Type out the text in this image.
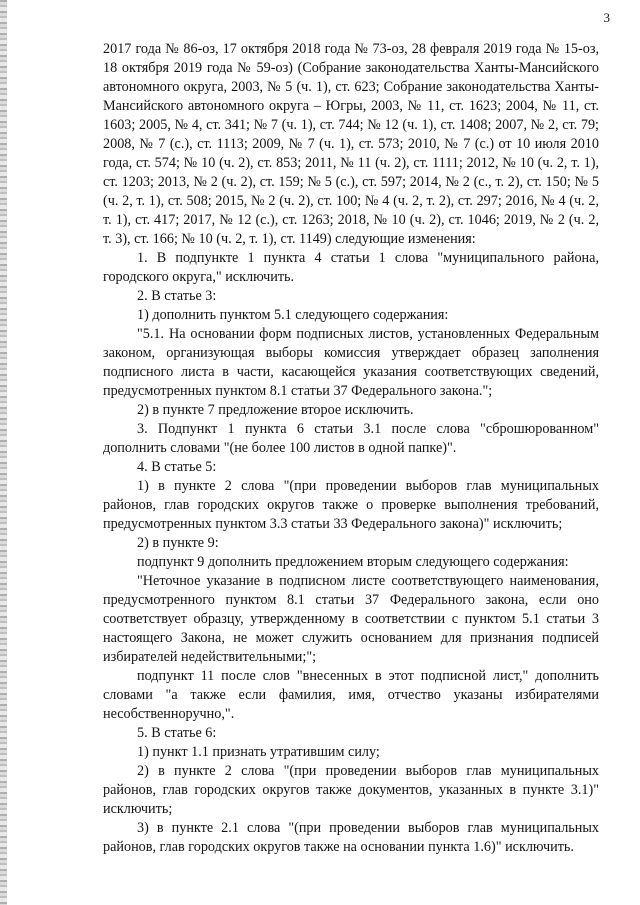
3

2017 года № 86-оз, 17 октября 2018 года № 73-оз, 28 февраля 2019 года № 15-оз, 18 октября 2019 года № 59-оз) (Собрание законодательства Ханты-Мансийского автономного округа, 2003, № 5 (ч. 1), ст. 623; Собрание законодательства Ханты-Мансийского автономного округа – Югры, 2003, № 11, ст. 1623; 2004, № 11, ст. 1603; 2005, № 4, ст. 341; № 7 (ч. 1), ст. 744; № 12 (ч. 1), ст. 1408; 2007, № 2, ст. 79; 2008, № 7 (с.), ст. 1113; 2009, № 7 (ч. 1), ст. 573; 2010, № 7 (с.) от 10 июля 2010 года, ст. 574; № 10 (ч. 2), ст. 853; 2011, № 11 (ч. 2), ст. 1111; 2012, № 10 (ч. 2, т. 1), ст. 1203; 2013, № 2 (ч. 2), ст. 159; № 5 (с.), ст. 597; 2014, № 2 (с., т. 2), ст. 150; № 5 (ч. 2, т. 1), ст. 508; 2015, № 2 (ч. 2), ст. 100; № 4 (ч. 2, т. 2), ст. 297; 2016, № 4 (ч. 2, т. 1), ст. 417; 2017, № 12 (с.), ст. 1263; 2018, № 10 (ч. 2), ст. 1046; 2019, № 2 (ч. 2, т. 3), ст. 166; № 10 (ч. 2, т. 1), ст. 1149) следующие изменения:

1. В подпункте 1 пункта 4 статьи 1 слова "муниципального района, городского округа," исключить.

2. В статье 3:

1) дополнить пунктом 5.1 следующего содержания:

"5.1. На основании форм подписных листов, установленных Федеральным законом, организующая выборы комиссия утверждает образец заполнения подписного листа в части, касающейся указания соответствующих сведений, предусмотренных пунктом 8.1 статьи 37 Федерального закона.";

2) в пункте 7 предложение второе исключить.

3. Подпункт 1 пункта 6 статьи 3.1 после слова "сброшюрованном" дополнить словами "(не более 100 листов в одной папке)".

4. В статье 5:

1) в пункте 2 слова "(при проведении выборов глав муниципальных районов, глав городских округов также о проверке выполнения требований, предусмотренных пунктом 3.3 статьи 33 Федерального закона)" исключить;

2) в пункте 9:

подпункт 9 дополнить предложением вторым следующего содержания:

"Неточное указание в подписном листе соответствующего наименования, предусмотренного пунктом 8.1 статьи 37 Федерального закона, если оно соответствует образцу, утвержденному в соответствии с пунктом 5.1 статьи 3 настоящего Закона, не может служить основанием для признания подписей избирателей недействительными;";

подпункт 11 после слов "внесенных в этот подписной лист," дополнить словами "а также если фамилия, имя, отчество указаны избирателями несобственноручно,".

5. В статье 6:

1) пункт 1.1 признать утратившим силу;

2) в пункте 2 слова "(при проведении выборов глав муниципальных районов, глав городских округов также документов, указанных в пункте 3.1)" исключить;

3) в пункте 2.1 слова "(при проведении выборов глав муниципальных районов, глав городских округов также на основании пункта 1.6)" исключить.
